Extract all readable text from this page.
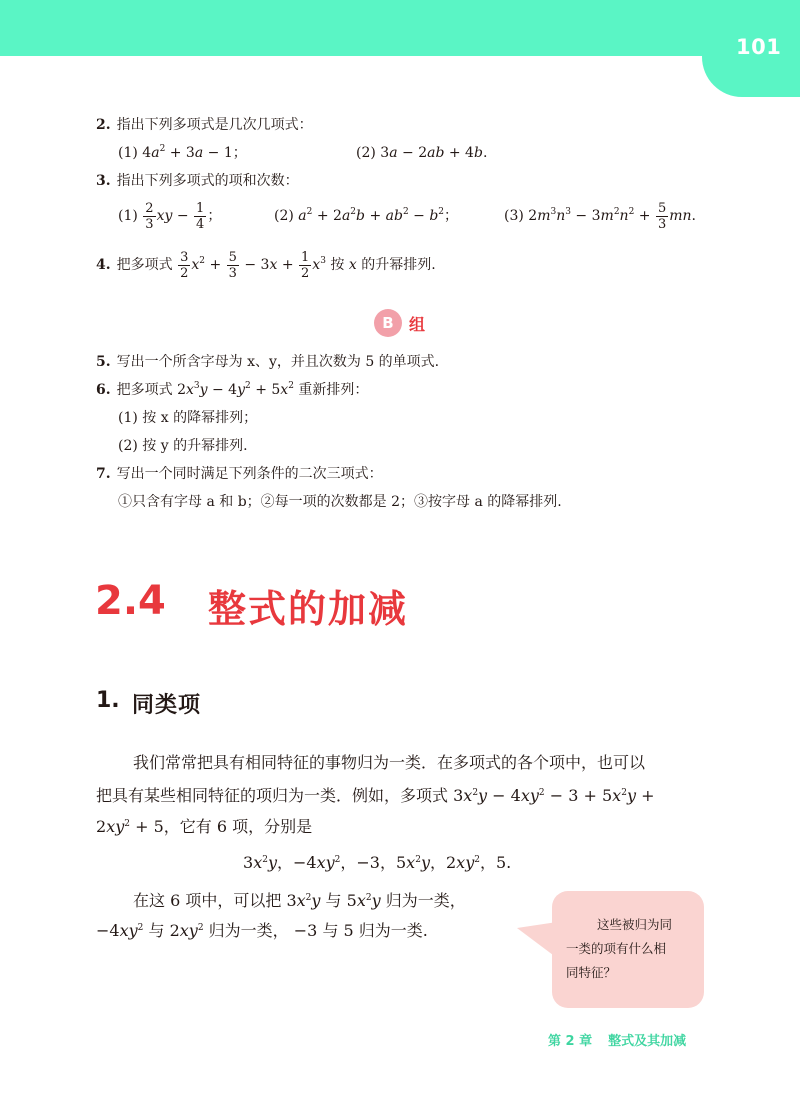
101
2. 指出下列多项式是几次几项式：
(1) $4a^2 + 3a - 1$；	(2) 3a − 2ab + 4b.
3. 指出下列多项式的项和次数：
$(1) \frac{2}{3}$ xy − $\frac{1}{4}$ ；	(2) $a^2 + 2a^2b + ab^2 - b^2$；	(3) $2m^3n^3 - 3m^2n^2 + \frac{5}{3}$ mn.
4. 把多项式 $\frac{3}{2} x^2 + \frac{5}{3} - 3x + \frac{1}{2} x^3$ 按 x 的升幂排列.
B 组
5. 写出一个所含字母为 x、y，并且次数为 5 的单项式.
6. 把多项式 $2x^3y - 4y^2 + 5x^2$ 重新排列：
(1) 按 x 的降幂排列；
(2) 按 y 的升幂排列.
7. 写出一个同时满足下列条件的二次三项式：
①只含有字母 a 和 b；②每一项的次数都是 2；③按字母 a 的降幂排列.
2.4 整式的加减
1. 同类项
我们常常把具有相同特征的事物归为一类．在多项式的各个项中，也可以
把具有某些相同特征的项归为一类．例如，多项式 $3x^2y - 4xy^2 - 3 + 5x^2y$ +
$2xy^2 + 5$，它有 6 项，分别是
$3x^2y$，$-4xy^2$，−3，$5x^2y$，$2xy^2$，5.
在这 6 项中，可以把 $3x^2y$ 与 $5x^2y$ 归为一类，
$-4xy^2$ 与 $2xy^2$ 归为一类， −3 与 5 归为一类.	这些被归为同
一类的项有什么相
同特征？
第 2 章 整式及其加减
